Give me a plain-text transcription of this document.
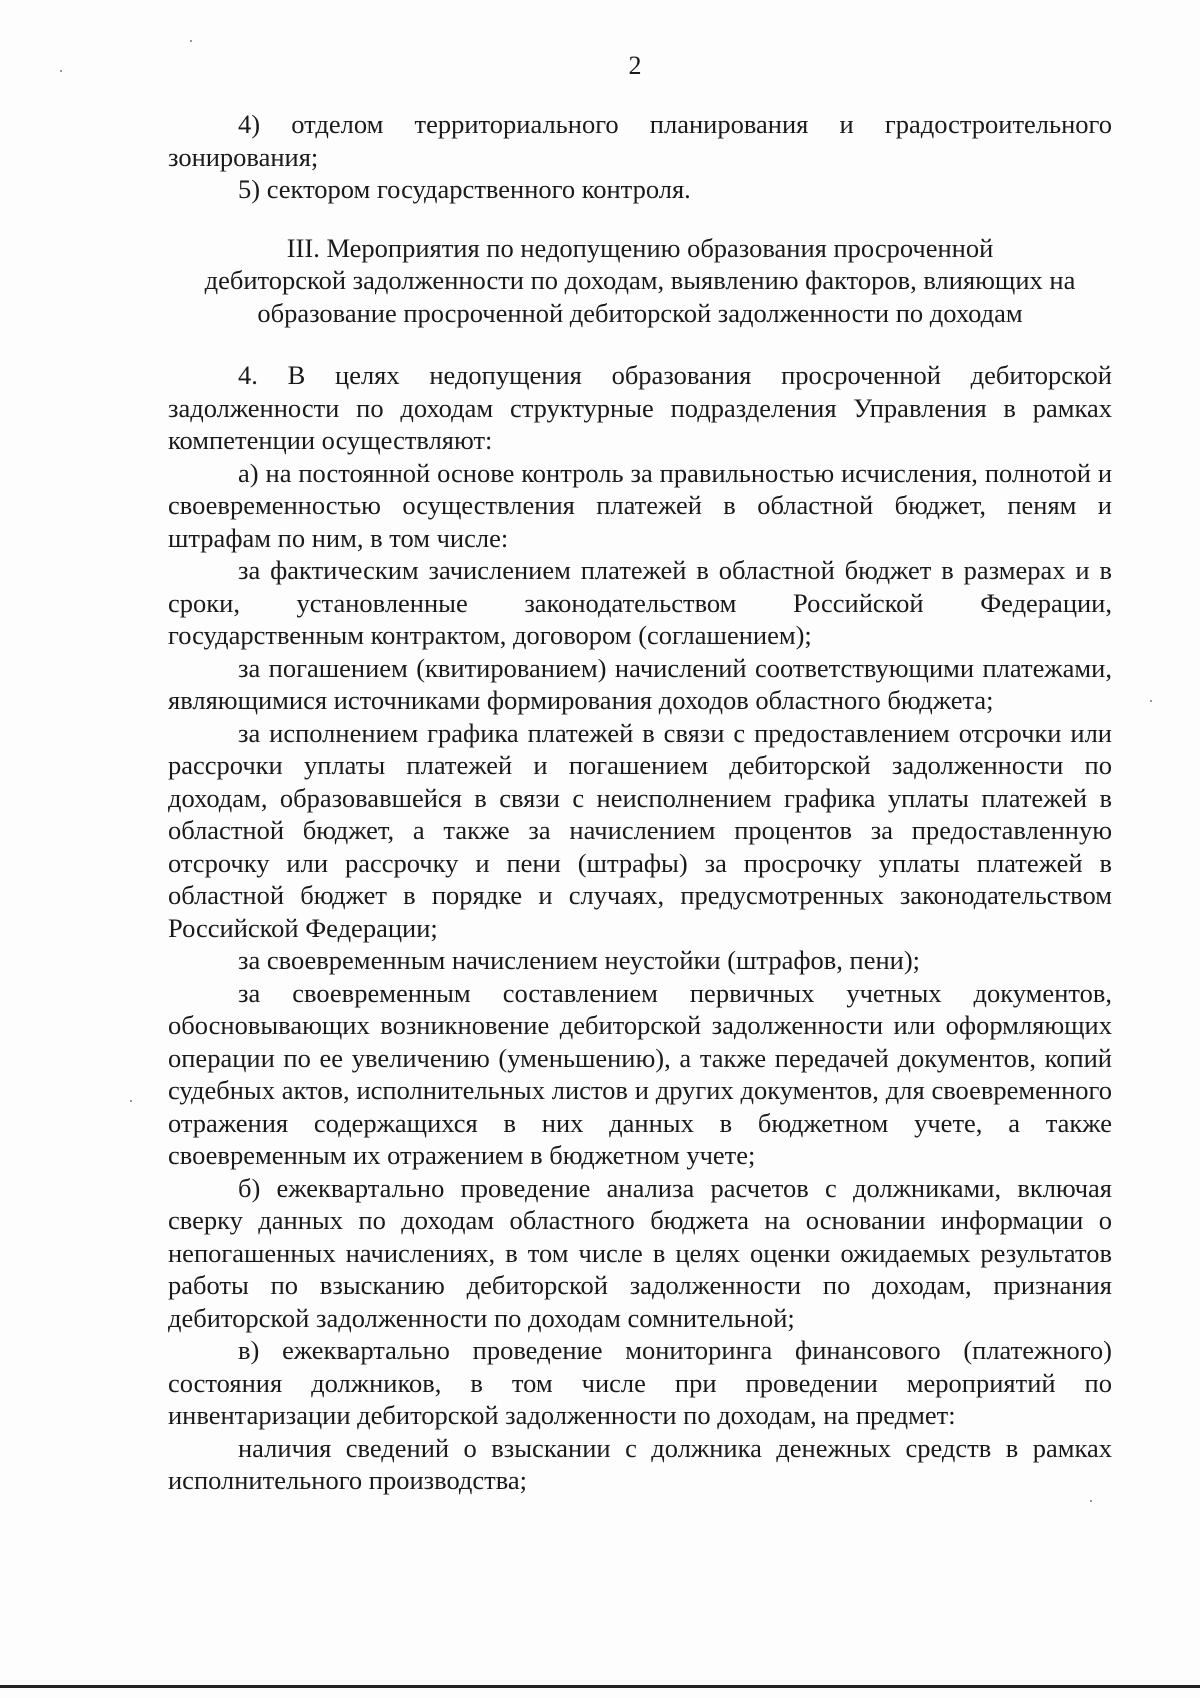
2

4) отделом территориального планирования и градостроительного зонирования;

5) сектором государственного контроля.

III. Мероприятия по недопущению образования просроченной
дебиторской задолженности по доходам, выявлению факторов, влияющих на
образование просроченной дебиторской задолженности по доходам

4. В целях недопущения образования просроченной дебиторской задолженности по доходам структурные подразделения Управления в рамках компетенции осуществляют:

а) на постоянной основе контроль за правильностью исчисления, полнотой и своевременностью осуществления платежей в областной бюджет, пеням и штрафам по ним, в том числе:

за фактическим зачислением платежей в областной бюджет в размерах и в сроки, установленные законодательством Российской Федерации, государственным контрактом, договором (соглашением);

за погашением (квитированием) начислений соответствующими платежами, являющимися источниками формирования доходов областного бюджета;

за исполнением графика платежей в связи с предоставлением отсрочки или рассрочки уплаты платежей и погашением дебиторской задолженности по доходам, образовавшейся в связи с неисполнением графика уплаты платежей в областной бюджет, а также за начислением процентов за предоставленную отсрочку или рассрочку и пени (штрафы) за просрочку уплаты платежей в областной бюджет в порядке и случаях, предусмотренных законодательством Российской Федерации;

за своевременным начислением неустойки (штрафов, пени);

за своевременным составлением первичных учетных документов, обосновывающих возникновение дебиторской задолженности или оформляющих операции по ее увеличению (уменьшению), а также передачей документов, копий судебных актов, исполнительных листов и других документов, для своевременного отражения содержащихся в них данных в бюджетном учете, а также своевременным их отражением в бюджетном учете;

б) ежеквартально проведение анализа расчетов с должниками, включая сверку данных по доходам областного бюджета на основании информации о непогашенных начислениях, в том числе в целях оценки ожидаемых результатов работы по взысканию дебиторской задолженности по доходам, признания дебиторской задолженности по доходам сомнительной;

в) ежеквартально проведение мониторинга финансового (платежного) состояния должников, в том числе при проведении мероприятий по инвентаризации дебиторской задолженности по доходам, на предмет:

наличия сведений о взыскании с должника денежных средств в рамках исполнительного производства;
